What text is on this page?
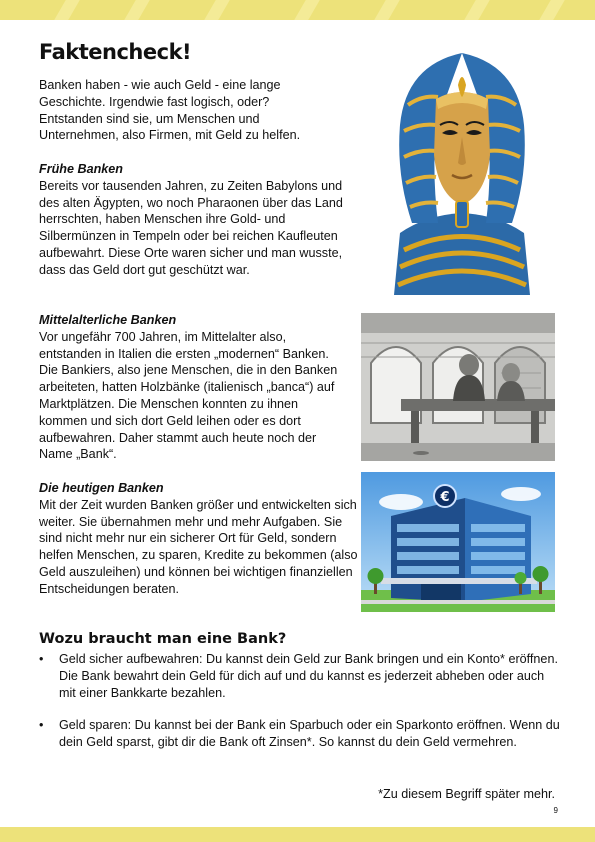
Faktencheck!
Banken haben - wie auch Geld - eine lange Geschichte. Irgendwie fast logisch, oder? Entstanden sind sie, um Menschen und Unternehmen, also Firmen, mit Geld zu helfen.
Frühe Banken
Bereits vor tausenden Jahren, zu Zeiten Babylons und des alten Ägypten, wo noch Pharaonen über das Land herrschten, haben Menschen ihre Gold- und Silbermünzen in Tempeln oder bei reichen Kaufleuten aufbewahrt. Diese Orte waren sicher und man wusste, dass das Geld dort gut geschützt war.
Mittelalterliche Banken
Vor ungefähr 700 Jahren, im Mittelalter also, entstanden in Italien die ersten „modernen“ Banken. Die Bankiers, also jene Menschen, die in den Banken arbeiteten, hatten Holzbänke (italienisch „banca“) auf Marktplätzen. Die Menschen konnten zu ihnen kommen und sich dort Geld leihen oder es dort aufbewahren. Daher stammt auch heute noch der Name „Bank“.
Die heutigen Banken
Mit der Zeit wurden Banken größer und entwickelten sich weiter. Sie übernahmen mehr und mehr Aufgaben. Sie sind nicht mehr nur ein sicherer Ort für Geld, sondern helfen Menschen, zu sparen, Kredite zu bekommen (also Geld auszuleihen) und können bei wichtigen finanziellen Entscheidungen beraten.
€
Wozu braucht man eine Bank?
• Geld sicher aufbewahren: Du kannst dein Geld zur Bank bringen und ein Konto* eröffnen. Die Bank bewahrt dein Geld für dich auf und du kannst es jederzeit abheben oder auch mit einer Bankkarte bezahlen.
• Geld sparen: Du kannst bei der Bank ein Sparbuch oder ein Sparkonto eröffnen. Wenn du dein Geld sparst, gibt dir die Bank oft Zinsen*. So kannst du dein Geld vermehren.
*Zu diesem Begriff später mehr.
9
